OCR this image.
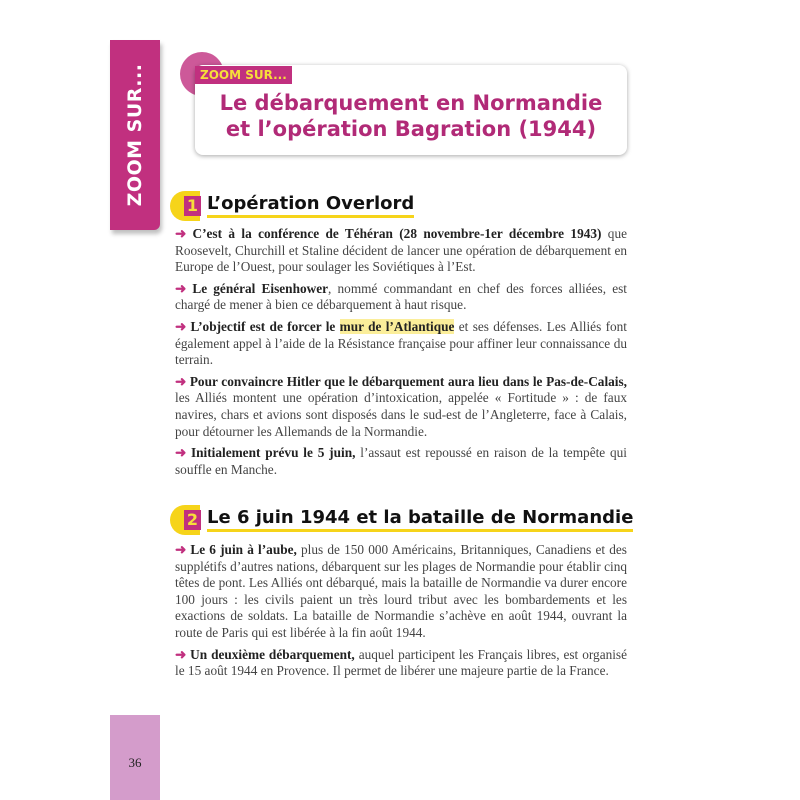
ZOOM SUR...
36
ZOOM SUR...
Le débarquement en Normandie
et l’opération Bagration (1944)
1 L’opération Overlord

➜ C’est à la conférence de Téhéran (28 novembre-1er décembre 1943) que Roosevelt, Churchill et Staline décident de lancer une opération de débarquement en Europe de l’Ouest, pour soulager les Soviétiques à l’Est.

➜ Le général Eisenhower, nommé commandant en chef des forces alliées, est chargé de mener à bien ce débarquement à haut risque.

➜ L’objectif est de forcer le mur de l’Atlantique et ses défenses. Les Alliés font également appel à l’aide de la Résistance française pour affiner leur connaissance du terrain.

➜ Pour convaincre Hitler que le débarquement aura lieu dans le Pas-de-Calais, les Alliés montent une opération d’intoxication, appelée « Fortitude » : de faux navires, chars et avions sont disposés dans le sud-est de l’Angleterre, face à Calais, pour détourner les Allemands de la Normandie.

➜ Initialement prévu le 5 juin, l’assaut est repoussé en raison de la tempête qui souffle en Manche.

2 Le 6 juin 1944 et la bataille de Normandie

➜ Le 6 juin à l’aube, plus de 150 000 Américains, Britanniques, Canadiens et des supplétifs d’autres nations, débarquent sur les plages de Normandie pour établir cinq têtes de pont. Les Alliés ont débarqué, mais la bataille de Normandie va durer encore 100 jours : les civils paient un très lourd tribut avec les bombardements et les exactions de soldats. La bataille de Normandie s’achève en août 1944, ouvrant la route de Paris qui est libérée à la fin août 1944.

➜ Un deuxième débarquement, auquel participent les Français libres, est organisé le 15 août 1944 en Provence. Il permet de libérer une majeure partie de la France.
